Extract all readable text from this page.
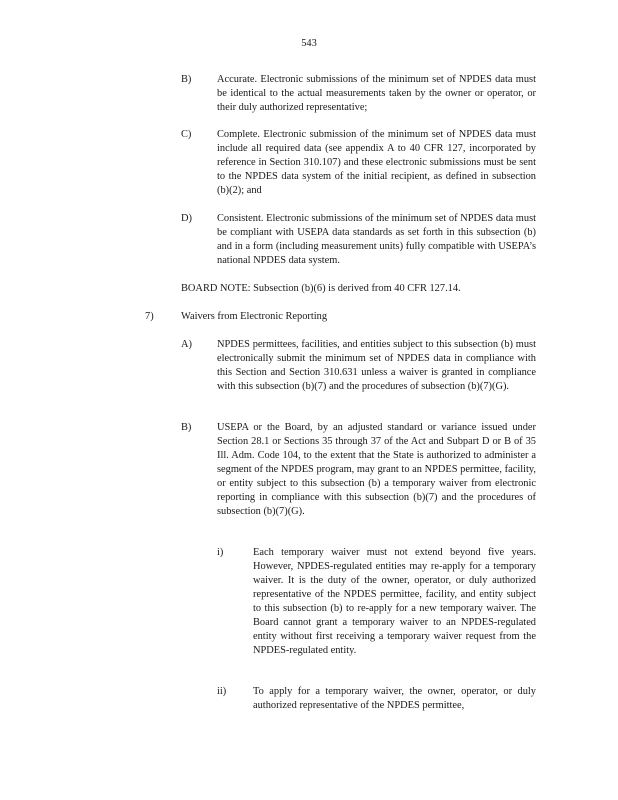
543
B) Accurate. Electronic submissions of the minimum set of NPDES data must be identical to the actual measurements taken by the owner or operator, or their duly authorized representative;
C) Complete. Electronic submission of the minimum set of NPDES data must include all required data (see appendix A to 40 CFR 127, incorporated by reference in Section 310.107) and these electronic submissions must be sent to the NPDES data system of the initial recipient, as defined in subsection (b)(2); and
D) Consistent. Electronic submissions of the minimum set of NPDES data must be compliant with USEPA data standards as set forth in this subsection (b) and in a form (including measurement units) fully compatible with USEPA’s national NPDES data system.
BOARD NOTE: Subsection (b)(6) is derived from 40 CFR 127.14.
7)	Waivers from Electronic Reporting
A) NPDES permittees, facilities, and entities subject to this subsection (b) must electronically submit the minimum set of NPDES data in compliance with this Section and Section 310.631 unless a waiver is granted in compliance with this subsection (b)(7) and the procedures of subsection (b)(7)(G).
B) USEPA or the Board, by an adjusted standard or variance issued under Section 28.1 or Sections 35 through 37 of the Act and Subpart D or B of 35 Ill. Adm. Code 104, to the extent that the State is authorized to administer a segment of the NPDES program, may grant to an NPDES permittee, facility, or entity subject to this subsection (b) a temporary waiver from electronic reporting in compliance with this subsection (b)(7) and the procedures of subsection (b)(7)(G).
i)	Each temporary waiver must not extend beyond five years. However, NPDES-regulated entities may re-apply for a temporary waiver. It is the duty of the owner, operator, or duly authorized representative of the NPDES permittee, facility, and entity subject to this subsection (b) to re-apply for a new temporary waiver. The Board cannot grant a temporary waiver to an NPDES-regulated entity without first receiving a temporary waiver request from the NPDES-regulated entity.
ii)	To apply for a temporary waiver, the owner, operator, or duly authorized representative of the NPDES permittee,
